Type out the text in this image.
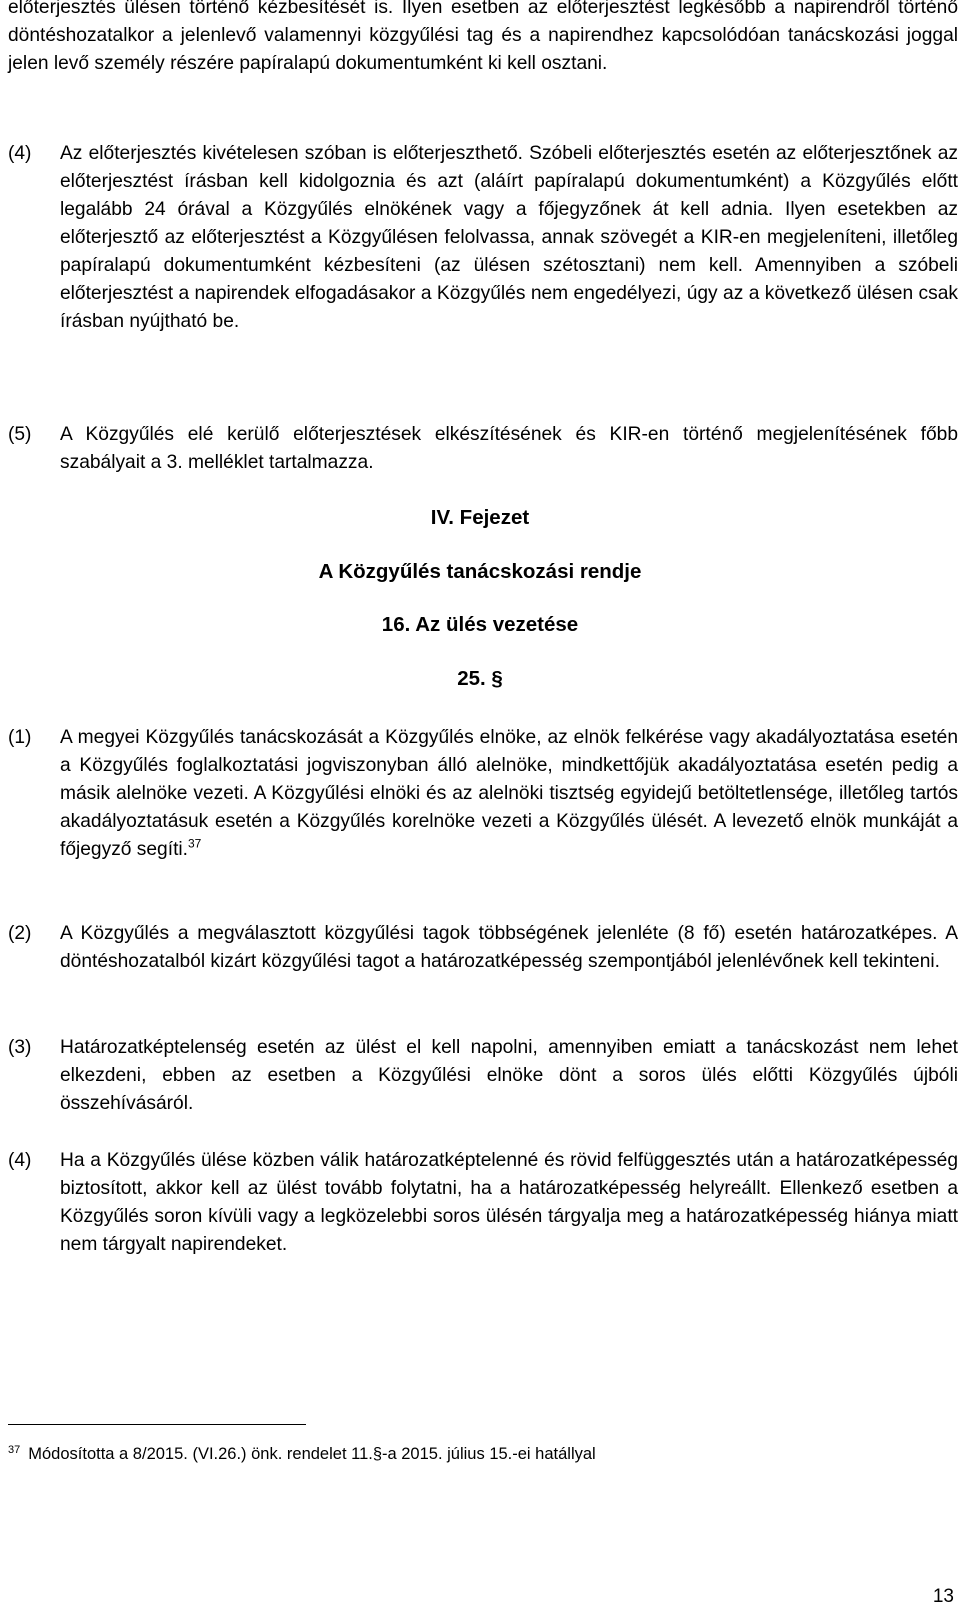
előterjesztés ülésen történő kézbesítését is. Ilyen esetben az előterjesztést legkésőbb a napirendről történő döntéshozatalkor a jelenlevő valamennyi közgyűlési tag és a napirendhez kapcsolódóan tanácskozási joggal jelen levő személy részére papíralapú dokumentumként ki kell osztani.

(4)	Az előterjesztés kivételesen szóban is előterjeszthető. Szóbeli előterjesztés esetén az előterjesztőnek az előterjesztést írásban kell kidolgoznia és azt (aláírt papíralapú dokumentumként) a Közgyűlés előtt legalább 24 órával a Közgyűlés elnökének vagy a főjegyzőnek át kell adnia. Ilyen esetekben az előterjesztő az előterjesztést a Közgyűlésen felolvassa, annak szövegét a KIR-en megjeleníteni, illetőleg papíralapú dokumentumként kézbesíteni (az ülésen szétosztani) nem kell. Amennyiben a szóbeli előterjesztést a napirendek elfogadásakor a Közgyűlés nem engedélyezi, úgy az a következő ülésen csak írásban nyújtható be.
(5)	A Közgyűlés elé kerülő előterjesztések elkészítésének és KIR-en történő megjelenítésének főbb szabályait a 3. melléklet tartalmazza.
IV. Fejezet
A Közgyűlés tanácskozási rendje
16. Az ülés vezetése
25. §
(1)	A megyei Közgyűlés tanácskozását a Közgyűlés elnöke, az elnök felkérése vagy akadályoztatása esetén a Közgyűlés foglalkoztatási jogviszonyban álló alelnöke, mindkettőjük akadályoztatása esetén pedig a másik alelnöke vezeti. A Közgyűlési elnöki és az alelnöki tisztség egyidejű betöltetlensége, illetőleg tartós akadályoztatásuk esetén a Közgyűlés korelnöke vezeti a Közgyűlés ülését. A levezető elnök munkáját a főjegyző segíti.$^{37}$
(2)	A Közgyűlés a megválasztott közgyűlési tagok többségének jelenléte (8 fő) esetén határozatképes. A döntéshozatalból kizárt közgyűlési tagot a határozatképesség szempontjából jelenlévőnek kell tekinteni.
(3)	Határozatképtelenség esetén az ülést el kell napolni, amennyiben emiatt a tanácskozást nem lehet elkezdeni, ebben az esetben a Közgyűlési elnöke dönt a soros ülés előtti Közgyűlés újbóli összehívásáról.
(4)	Ha a Közgyűlés ülése közben válik határozatképtelenné és rövid felfüggesztés után a határozatképesség biztosított, akkor kell az ülést tovább folytatni, ha a határozatképesség helyreállt. Ellenkező esetben a Közgyűlés soron kívüli vagy a legközelebbi soros ülésén tárgyalja meg a határozatképesség hiánya miatt nem tárgyalt napirendeket.
$^{37}$ Módosította a 8/2015. (VI.26.) önk. rendelet 11.§-a 2015. július 15.-ei hatállyal
13
